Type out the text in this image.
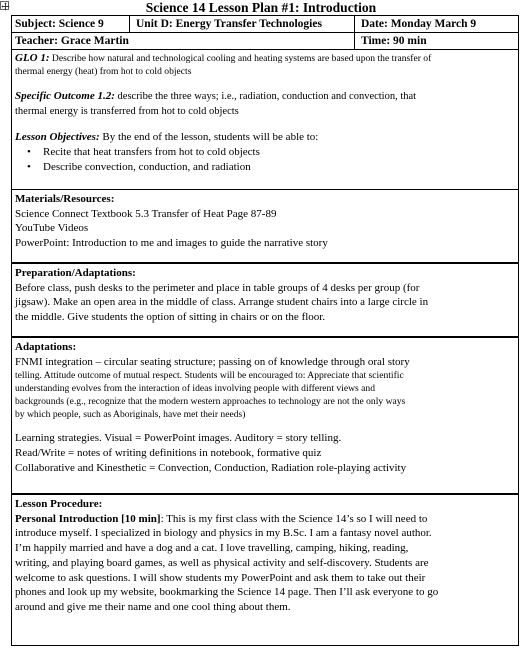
Science 14 Lesson Plan #1: Introduction
Subject: Science 9	Unit D: Energy Transfer Technologies	Date: Monday March 9
Teacher: Grace Martin	Time: 90 min
GLO 1: Describe how natural and technological cooling and heating systems are based upon the transfer of
thermal energy (heat) from hot to cold objects
Specific Outcome 1.2: describe the three ways; i.e., radiation, conduction and convection, that
thermal energy is transferred from hot to cold objects
Lesson Objectives: By the end of the lesson, students will be able to:
• Recite that heat transfers from hot to cold objects
• Describe convection, conduction, and radiation
Materials/Resources:
Science Connect Textbook 5.3 Transfer of Heat Page 87-89
YouTube Videos
PowerPoint: Introduction to me and images to guide the narrative story
Preparation/Adaptations:
Before class, push desks to the perimeter and place in table groups of 4 desks per group (for
jigsaw). Make an open area in the middle of class. Arrange student chairs into a large circle in
the middle. Give students the option of sitting in chairs or on the floor.
Adaptations:
FNMI integration – circular seating structure; passing on of knowledge through oral story
telling. Attitude outcome of mutual respect. Students will be encouraged to: Appreciate that scientific
understanding evolves from the interaction of ideas involving people with different views and
backgrounds (e.g., recognize that the modern western approaches to technology are not the only ways
by which people, such as Aboriginals, have met their needs)
Learning strategies. Visual = PowerPoint images. Auditory = story telling.
Read/Write = notes of writing definitions in notebook, formative quiz
Collaborative and Kinesthetic = Convection, Conduction, Radiation role-playing activity
Lesson Procedure:
Personal Introduction [10 min]: This is my first class with the Science 14’s so I will need to
introduce myself. I specialized in biology and physics in my B.Sc. I am a fantasy novel author.
I’m happily married and have a dog and a cat. I love travelling, camping, hiking, reading,
writing, and playing board games, as well as physical activity and self-discovery. Students are
welcome to ask questions. I will show students my PowerPoint and ask them to take out their
phones and look up my website, bookmarking the Science 14 page. Then I’ll ask everyone to go
around and give me their name and one cool thing about them.
